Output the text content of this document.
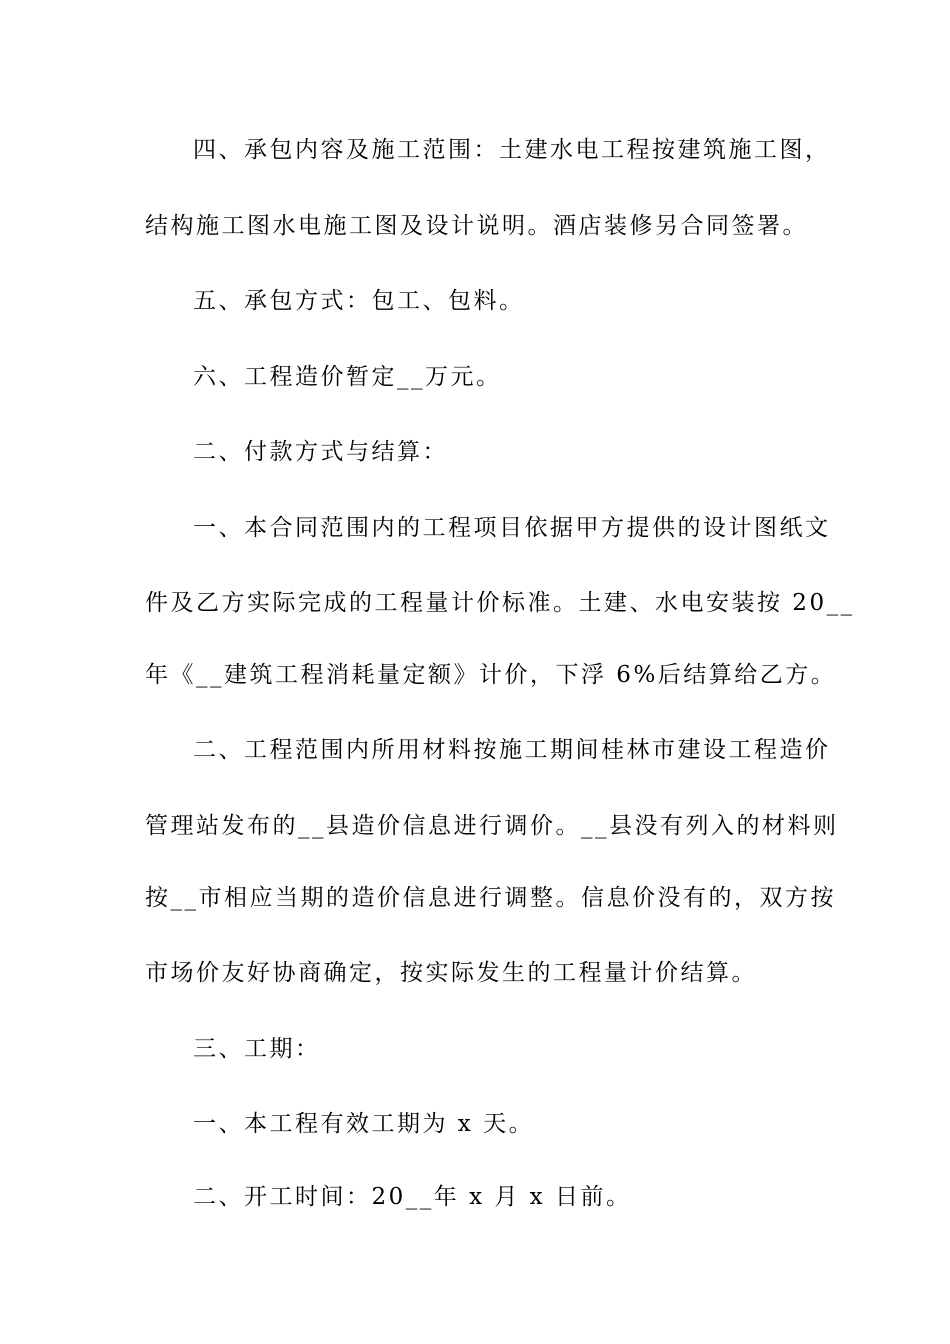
四、承包内容及施工范围：土建水电工程按建筑施工图，
结构施工图水电施工图及设计说明。酒店装修另合同签署。
五、承包方式：包工、包料。
六、工程造价暂定__万元。
二、付款方式与结算：
一、本合同范围内的工程项目依据甲方提供的设计图纸文
件及乙方实际完成的工程量计价标准。土建、水电安装按 20__
年《__建筑工程消耗量定额》计价，下浮 6%后结算给乙方。
二、工程范围内所用材料按施工期间桂林市建设工程造价
管理站发布的__县造价信息进行调价。__县没有列入的材料则
按__市相应当期的造价信息进行调整。信息价没有的，双方按
市场价友好协商确定，按实际发生的工程量计价结算。
三、工期：
一、本工程有效工期为 x 天。
二、开工时间：20__年 x 月 x 日前。
